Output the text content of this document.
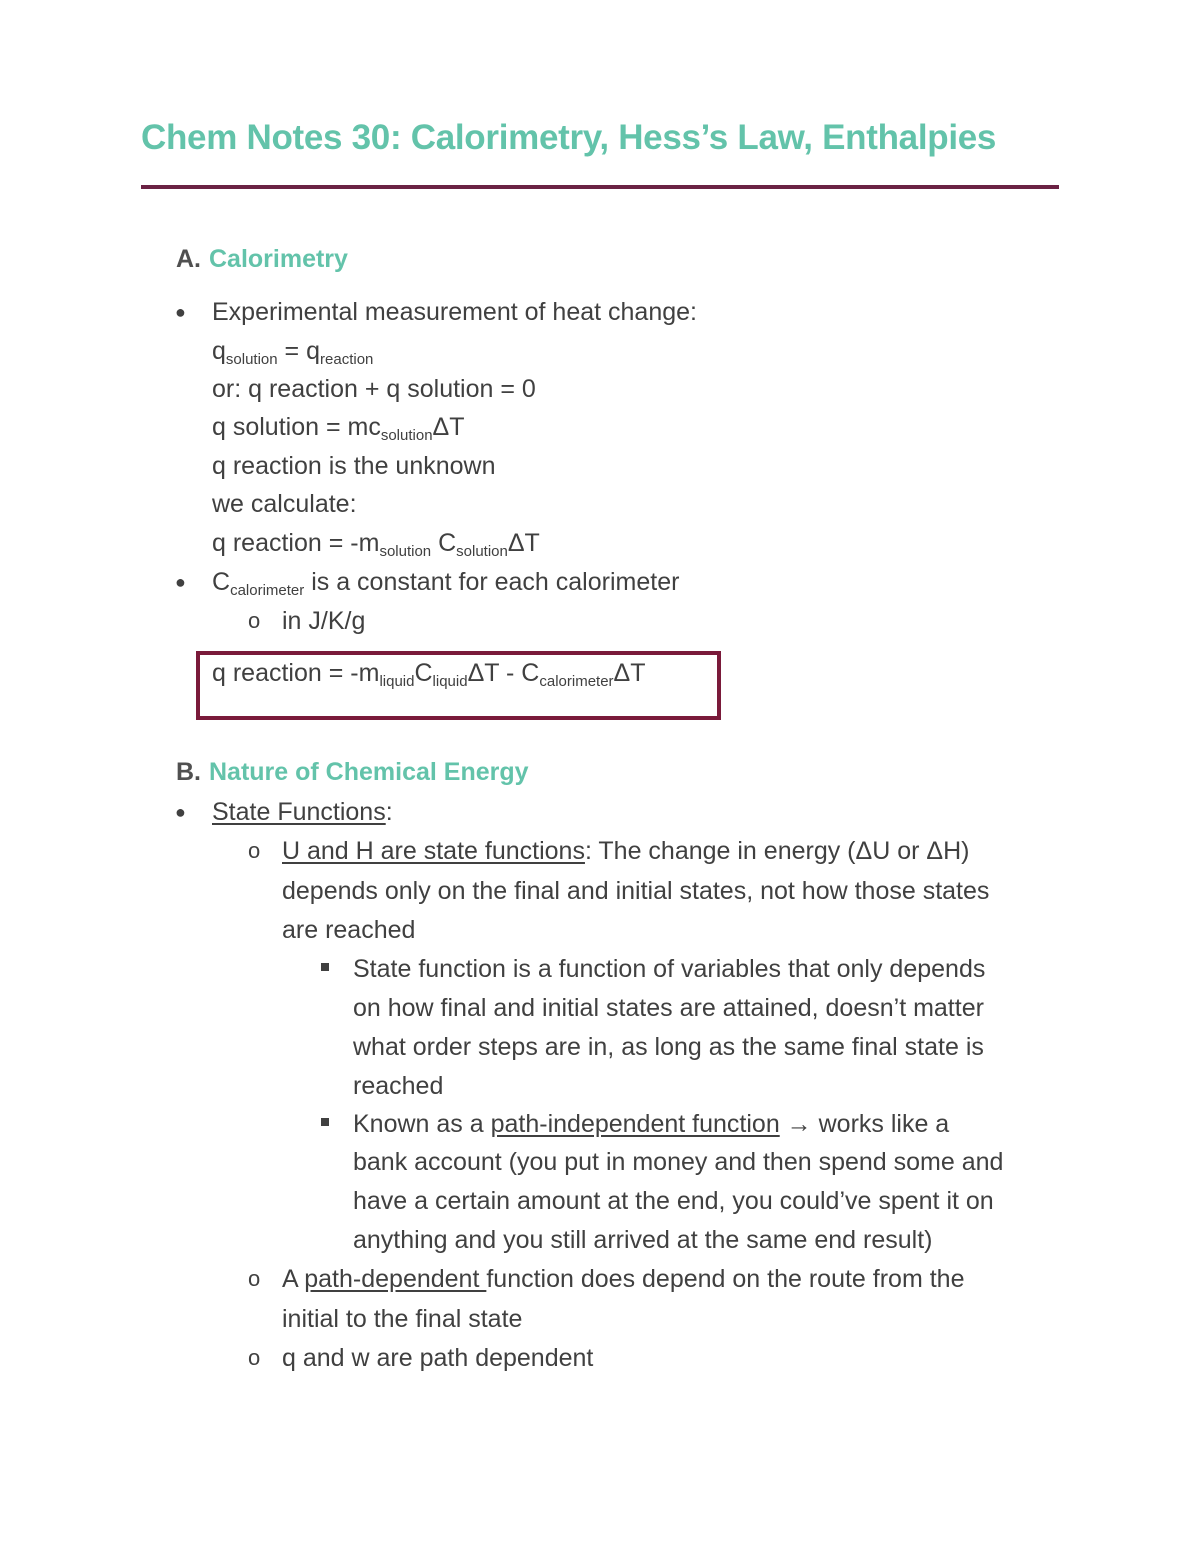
Chem Notes 30: Calorimetry, Hess’s Law, Enthalpies
A. Calorimetry
● Experimental measurement of heat change:
$q_{solution} = q_{reaction}$
or: q reaction + q solution = 0
q solution = $mc_{solution}\Delta T$
q reaction is the unknown
we calculate:
q reaction = $-m_{solution}$ $C_{solution}\Delta T$
● $C_{calorimeter}$ is a constant for each calorimeter
o in J/K/g
q reaction = $-m_{liquid}C_{liquid}\Delta T - C_{calorimeter}\Delta T$
B. Nature of Chemical Energy
● State Functions:
o U and H are state functions: The change in energy (ΔU or ΔH)
depends only on the final and initial states, not how those states
are reached
State function is a function of variables that only depends
on how final and initial states are attained, doesn’t matter
what order steps are in, as long as the same final state is
reached
Known as a path-independent function → works like a
bank account (you put in money and then spend some and
have a certain amount at the end, you could’ve spent it on
anything and you still arrived at the same end result)
o A path-dependent function does depend on the route from the
initial to the final state
o q and w are path dependent
